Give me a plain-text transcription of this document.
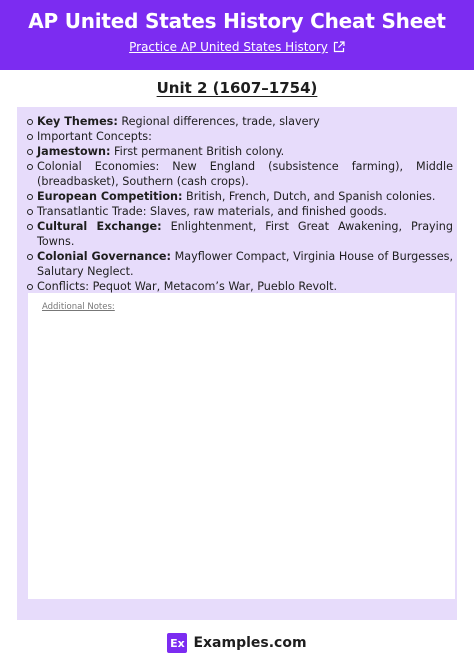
AP United States History Cheat Sheet
Practice AP United States History
Unit 2 (1607–1754)
Key Themes: Regional differences, trade, slavery
Important Concepts:
Jamestown: First permanent British colony.
Colonial Economies: New England (subsistence farming), Middle (breadbasket), Southern (cash crops).
European Competition: British, French, Dutch, and Spanish colonies.
Transatlantic Trade: Slaves, raw materials, and finished goods.
Cultural Exchange: Enlightenment, First Great Awakening, Praying Towns.
Colonial Governance: Mayflower Compact, Virginia House of Burgesses, Salutary Neglect.
Conflicts: Pequot War, Metacom’s War, Pueblo Revolt.
Additional Notes:
Ex Examples.com
